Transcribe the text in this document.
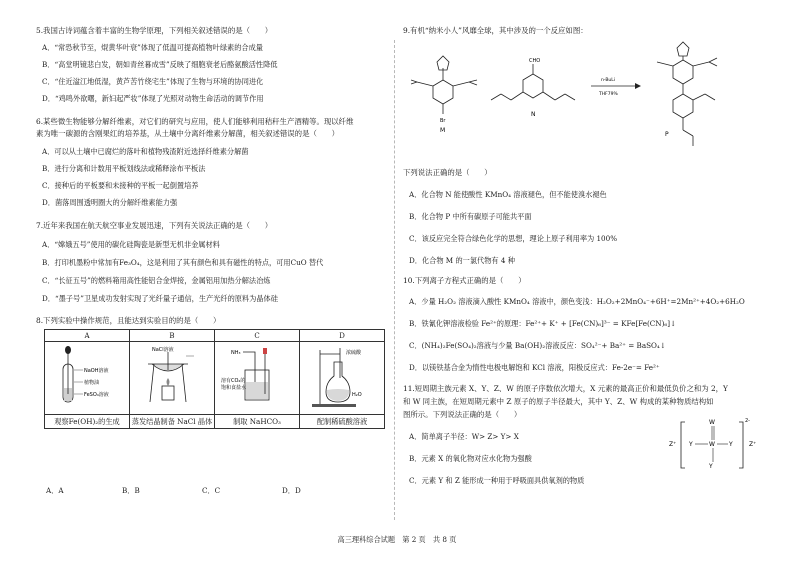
5.我国古诗词蕴含着丰富的生物学原理，下列相关叙述错误的是（　　）
A．“常恐秋节至，焜黄华叶衰”体现了低温可提高植物叶绿素的合成量
B．“高堂明镜悲白发，朝如青丝暮成雪”反映了细胞衰老后酪氨酸活性降低
C．“住近湓江地低湿，黄芦苦竹绕宅生”体现了生物与环境的协同进化
D．“鸡鸣外欲曙，新妇起严妆”体现了光照对动物生命活动的调节作用
6.某些微生物能够分解纤维素，对它们的研究与应用，使人们能够利用秸秆生产酒精等。现以纤维
素为唯一碳源的含刚果红的培养基，从土壤中分离纤维素分解菌，相关叙述错误的是（　　）
A．可以从土壤中已腐烂的落叶和植物残渣附近选择纤维素分解菌
B．进行分离和计数用平板划线法或稀释涂布平板法
C．接种后的平板要和未接种的平板一起倒置培养
D．菌落周围透明圈大的分解纤维素能力强
7.近年来我国在航天航空事业发展迅速，下列有关说法正确的是（　　）
A．“嫦娥五号”使用的碳化硅陶瓷是新型无机非金属材料
B．打印机墨粉中常加有Fe₃O₄，这是利用了其有颜色和具有磁性的特点，可用CuO 替代
C．“长征五号”的燃料箱用高性能铝合金焊接，金属铝用加热分解法冶炼
D．“墨子号”卫星成功发射实现了光纤量子通信，生产光纤的原料为晶体硅
8.下列实验中操作规范，且能达到实验目的的是（　　）
A	B	C	D

NaOH溶液
植物油
FeSO₄溶液	NaCl溶液	NH₃
溶有CO₂的
饱和食盐水	浓硫酸
H₂O

观察Fe(OH)₂的生成	蒸发结晶制备 NaCl 晶体	制取 NaHCO₃	配制稀硫酸溶液
A．A	B．B	C．C	D．D
9.有机“纳米小人”风靡全球，其中涉及的一个反应如图：
Br
M
CHO
N
n-BuLi
THF79%
P
下列说法正确的是（　　）
A．化合物 N 能使酸性 KMnO₄ 溶液褪色，但不能使溴水褪色
B．化合物 P 中所有碳原子可能共平面
C．该反应完全符合绿色化学的思想，理论上原子利用率为 100%
D．化合物 M 的一氯代物有 4 种
10.下列离子方程式正确的是（　　）
A．少量 H₂O₂ 溶液滴入酸性 KMnO₄ 溶液中，颜色变浅：H₂O₂+2MnO₄⁻+6H⁺=2Mn²⁺+4O₂+6H₂O
B．铁氰化钾溶液检验 Fe²⁺的原理：Fe²⁺+ K⁺ + [Fe(CN)₆]³⁻ = KFe[Fe(CN)₆]↓
C．(NH₄)₂Fe(SO₄)₂溶液与少量 Ba(OH)₂溶液反应：SO₄²⁻+ Ba²⁺ = BaSO₄↓
D．以镁铁基合金为惰性电极电解饱和 KCl 溶液，阳极反应式：Fe-2e⁻= Fe²⁺
11.短周期主族元素 X、Y、Z、W 的原子序数依次增大，X 元素的最高正价和最低负价之和为 2，Y
和 W 同主族，在短周期元素中 Z 原子的原子半径最大，其中 Y、Z、W 构成的某种物质结构如
图所示。下列说法正确的是（　　）
A．简单离子半径：W> Z> Y> X
B．元素 X 的氧化物对应水化物为强酸
C．元素 Y 和 Z 能形成一种用于呼吸面具供氧剂的物质
Z⁺
2-
Z⁺
W
W
Y	Y
Y
高三理科综合试题　第 2 页　共 8 页
